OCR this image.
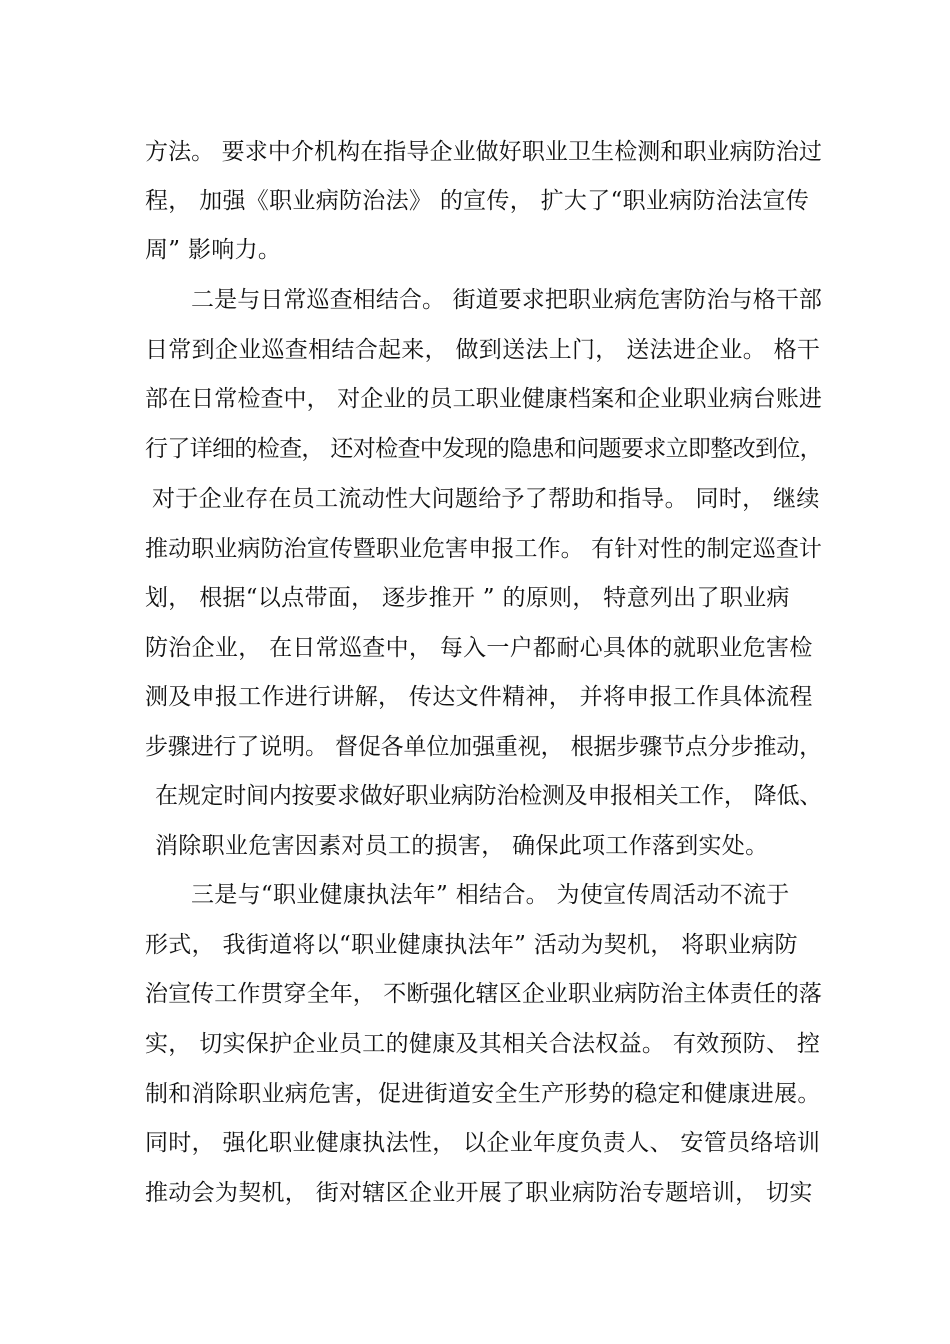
方法。 要求中介机构在指导企业做好职业卫生检测和职业病防治过
程， 加强《职业病防治法》 的宣传， 扩大了“职业病防治法宣传
周” 影响力。
二是与日常巡查相结合。 街道要求把职业病危害防治与格干部
日常到企业巡查相结合起来， 做到送法上门， 送法进企业。 格干
部在日常检查中， 对企业的员工职业健康档案和企业职业病台账进
行了详细的检查， 还对检查中发现的隐患和问题要求立即整改到位，
对于企业存在员工流动性大问题给予了帮助和指导。 同时， 继续
推动职业病防治宣传暨职业危害申报工作。 有针对性的制定巡查计
划， 根据“以点带面， 逐步推开 ” 的原则， 特意列出了职业病
防治企业， 在日常巡查中， 每入一户都耐心具体的就职业危害检
测及申报工作进行讲解， 传达文件精神， 并将申报工作具体流程
步骤进行了说明。 督促各单位加强重视， 根据步骤节点分步推动，
在规定时间内按要求做好职业病防治检测及申报相关工作， 降低、
消除职业危害因素对员工的损害， 确保此项工作落到实处。
三是与“职业健康执法年” 相结合。 为使宣传周活动不流于
形式， 我街道将以“职业健康执法年” 活动为契机， 将职业病防
治宣传工作贯穿全年， 不断强化辖区企业职业病防治主体责任的落
实， 切实保护企业员工的健康及其相关合法权益。 有效预防、 控
制和消除职业病危害，促进街道安全生产形势的稳定和健康进展。
同时， 强化职业健康执法性， 以企业年度负责人、 安管员络培训
推动会为契机， 街对辖区企业开展了职业病防治专题培训， 切实
